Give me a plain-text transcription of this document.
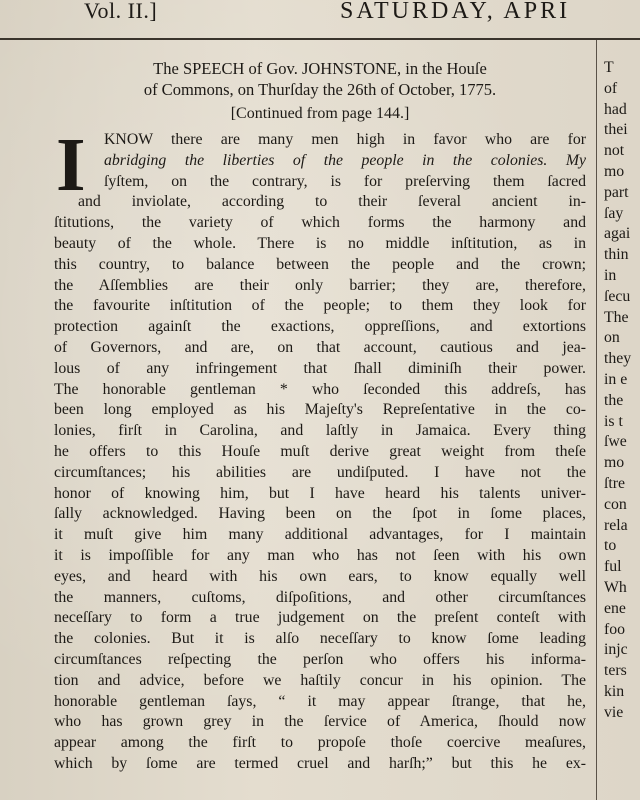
Vol. II.]	SATURDAY, APRI
The SPEECH of Gov. JOHNSTONE, in the Houſe
of Commons, on Thurſday the 26th of October, 1775.
[Continued from page 144.]
I	KNOW there are many men high in favor who are for
abridging the liberties of the people in the colonies. My
ſyſtem, on the contrary, is for preſerving them ſacred
and inviolate, according to their ſeveral ancient in-
ſtitutions, the variety of which forms the harmony and
beauty of the whole. There is no middle inſtitution, as in
this country, to balance between the people and the crown;
the Aſſemblies are their only barrier; they are, therefore,
the favourite inſtitution of the people; to them they look for
protection againſt the exactions, oppreſſions, and extortions
of Governors, and are, on that account, cautious and jea-
lous of any infringement that ſhall diminiſh their power.
The honorable gentleman * who ſeconded this addreſs, has
been long employed as his Majeſty's Repreſentative in the co-
lonies, firſt in Carolina, and laſtly in Jamaica. Every thing
he offers to this Houſe muſt derive great weight from theſe
circumſtances; his abilities are undiſputed. I have not the
honor of knowing him, but I have heard his talents univer-
ſally acknowledged. Having been on the ſpot in ſome places,
it muſt give him many additional advantages, for I maintain
it is impoſſible for any man who has not ſeen with his own
eyes, and heard with his own ears, to know equally well
the manners, cuſtoms, diſpoſitions, and other circumſtances
neceſſary to form a true judgement on the preſent conteſt with
the colonies. But it is alſo neceſſary to know ſome leading
circumſtances reſpecting the perſon who offers his informa-
tion and advice, before we haſtily concur in his opinion. The
honorable gentleman ſays, “ it may appear ſtrange, that he,
who has grown grey in the ſervice of America, ſhould now
appear among the firſt to propoſe thoſe coercive meaſures,
which by ſome are termed cruel and harſh;” but this he ex-
T
of
had
thei
not
mo
part
ſay
agai
thin
in
ſecu
The
on
they
in e
the
is t
ſwe
mo
ſtre
con
rela
to
ful
Wh
ene
foo
injc
ters
kin
vie
